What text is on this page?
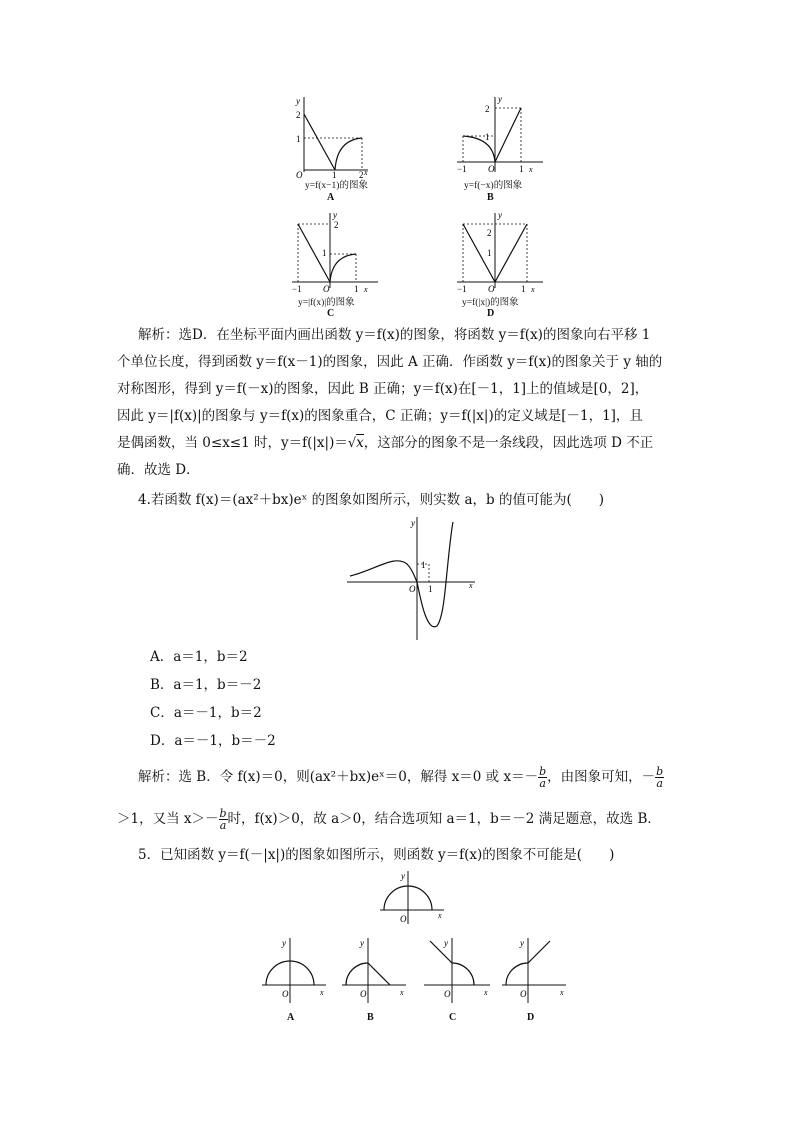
y
2
1
O	1	2 x
y=f(x−1)的图象
A
y
2
1
O
−1	1 x
y=f(−x)的图象
B
y
2
1
O
−1	1 x
y=|f(x)|的图象
C
y
2
1
O
−1	1 x
y=f(|x|)的图象
D
解析：选D．在坐标平面内画出函数 y＝f(x)的图象，将函数 y＝f(x)的图象向右平移 1
个单位长度，得到函数 y＝f(x－1)的图象，因此 A 正确．作函数 y＝f(x)的图象关于 y 轴的
对称图形，得到 y＝f(－x)的图象，因此 B 正确；y＝f(x)在[－1，1]上的值域是[0，2]，
因此 y＝|f(x)|的图象与 y＝f(x)的图象重合，C 正确；y＝f(|x|)的定义域是[－1，1]，且
是偶函数，当 0≤x≤1 时，y＝f(|x|)＝√x，这部分的图象不是一条线段，因此选项 D 不正
确．故选 D．
4.若函数 f(x)＝(ax²＋bx)eˣ 的图象如图所示，则实数 a，b 的值可能为(　　)
y
1
O 1	x
A．a＝1，b＝2
B．a＝1，b＝－2
C．a＝－1，b＝2
D．a＝－1，b＝－2
解析：选 B．令 f(x)＝0，则(ax²＋bx)eˣ＝0，解得 x＝0 或 $x=- \frac{b}{a}$ ，由图象可知，－ $\frac{b}{a}$
＞1，又当 $x>- \frac{b}{a}$ 时，f(x)＞0，故 a＞0，结合选项知 a＝1，b＝－2 满足题意，故选 B．
5．已知函数 y＝f(－|x|)的图象如图所示，则函数 y＝f(x)的图象不可能是(　　)
y
O	x
y
O	x
A
y
O	x
B
y
O	x
C
y
O	x
D
